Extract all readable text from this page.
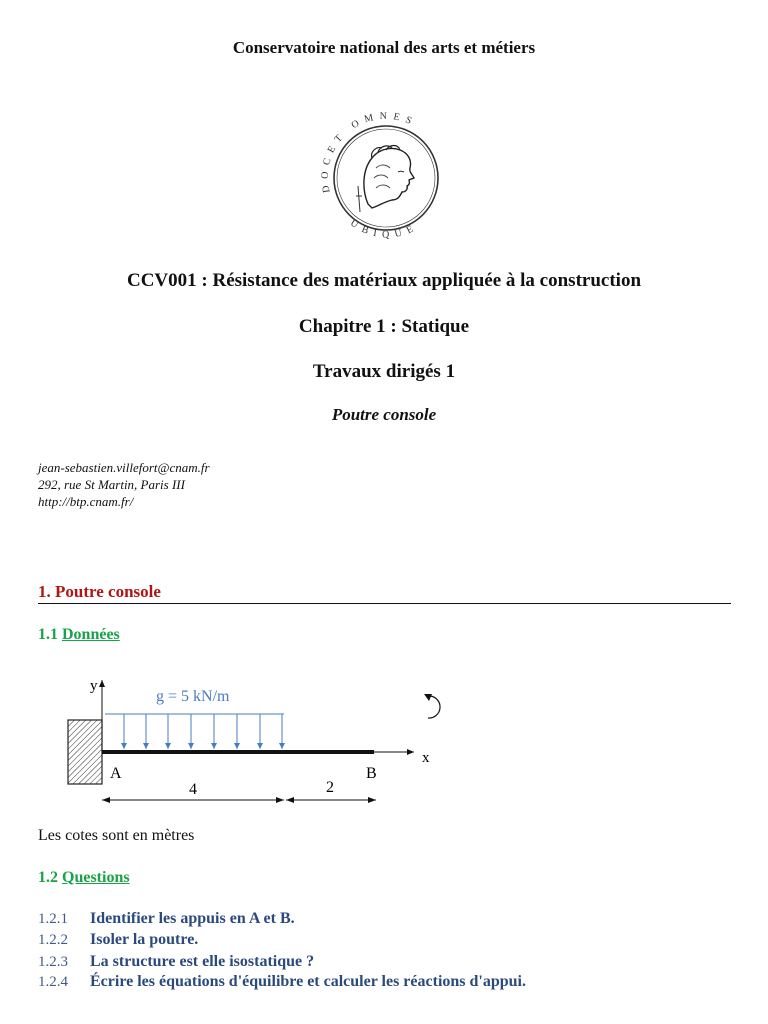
Conservatoire national des arts et métiers
DOCET OMNES
UBIQUE
CCV001 : Résistance des matériaux appliquée à la construction
Chapitre 1 : Statique
Travaux dirigés 1
Poutre console
jean-sebastien.villefort@cnam.fr
292, rue St Martin, Paris III
http://btp.cnam.fr/
1. Poutre console
1.1 Données
y
x
g = 5 kN/m
A	B
4	2
Les cotes sont en mètres
1.2 Questions
1.2.1 Identifier les appuis en A et B.
1.2.2 Isoler la poutre.
1.2.3 La structure est elle isostatique ?
1.2.4 Écrire les équations d'équilibre et calculer les réactions d'appui.
